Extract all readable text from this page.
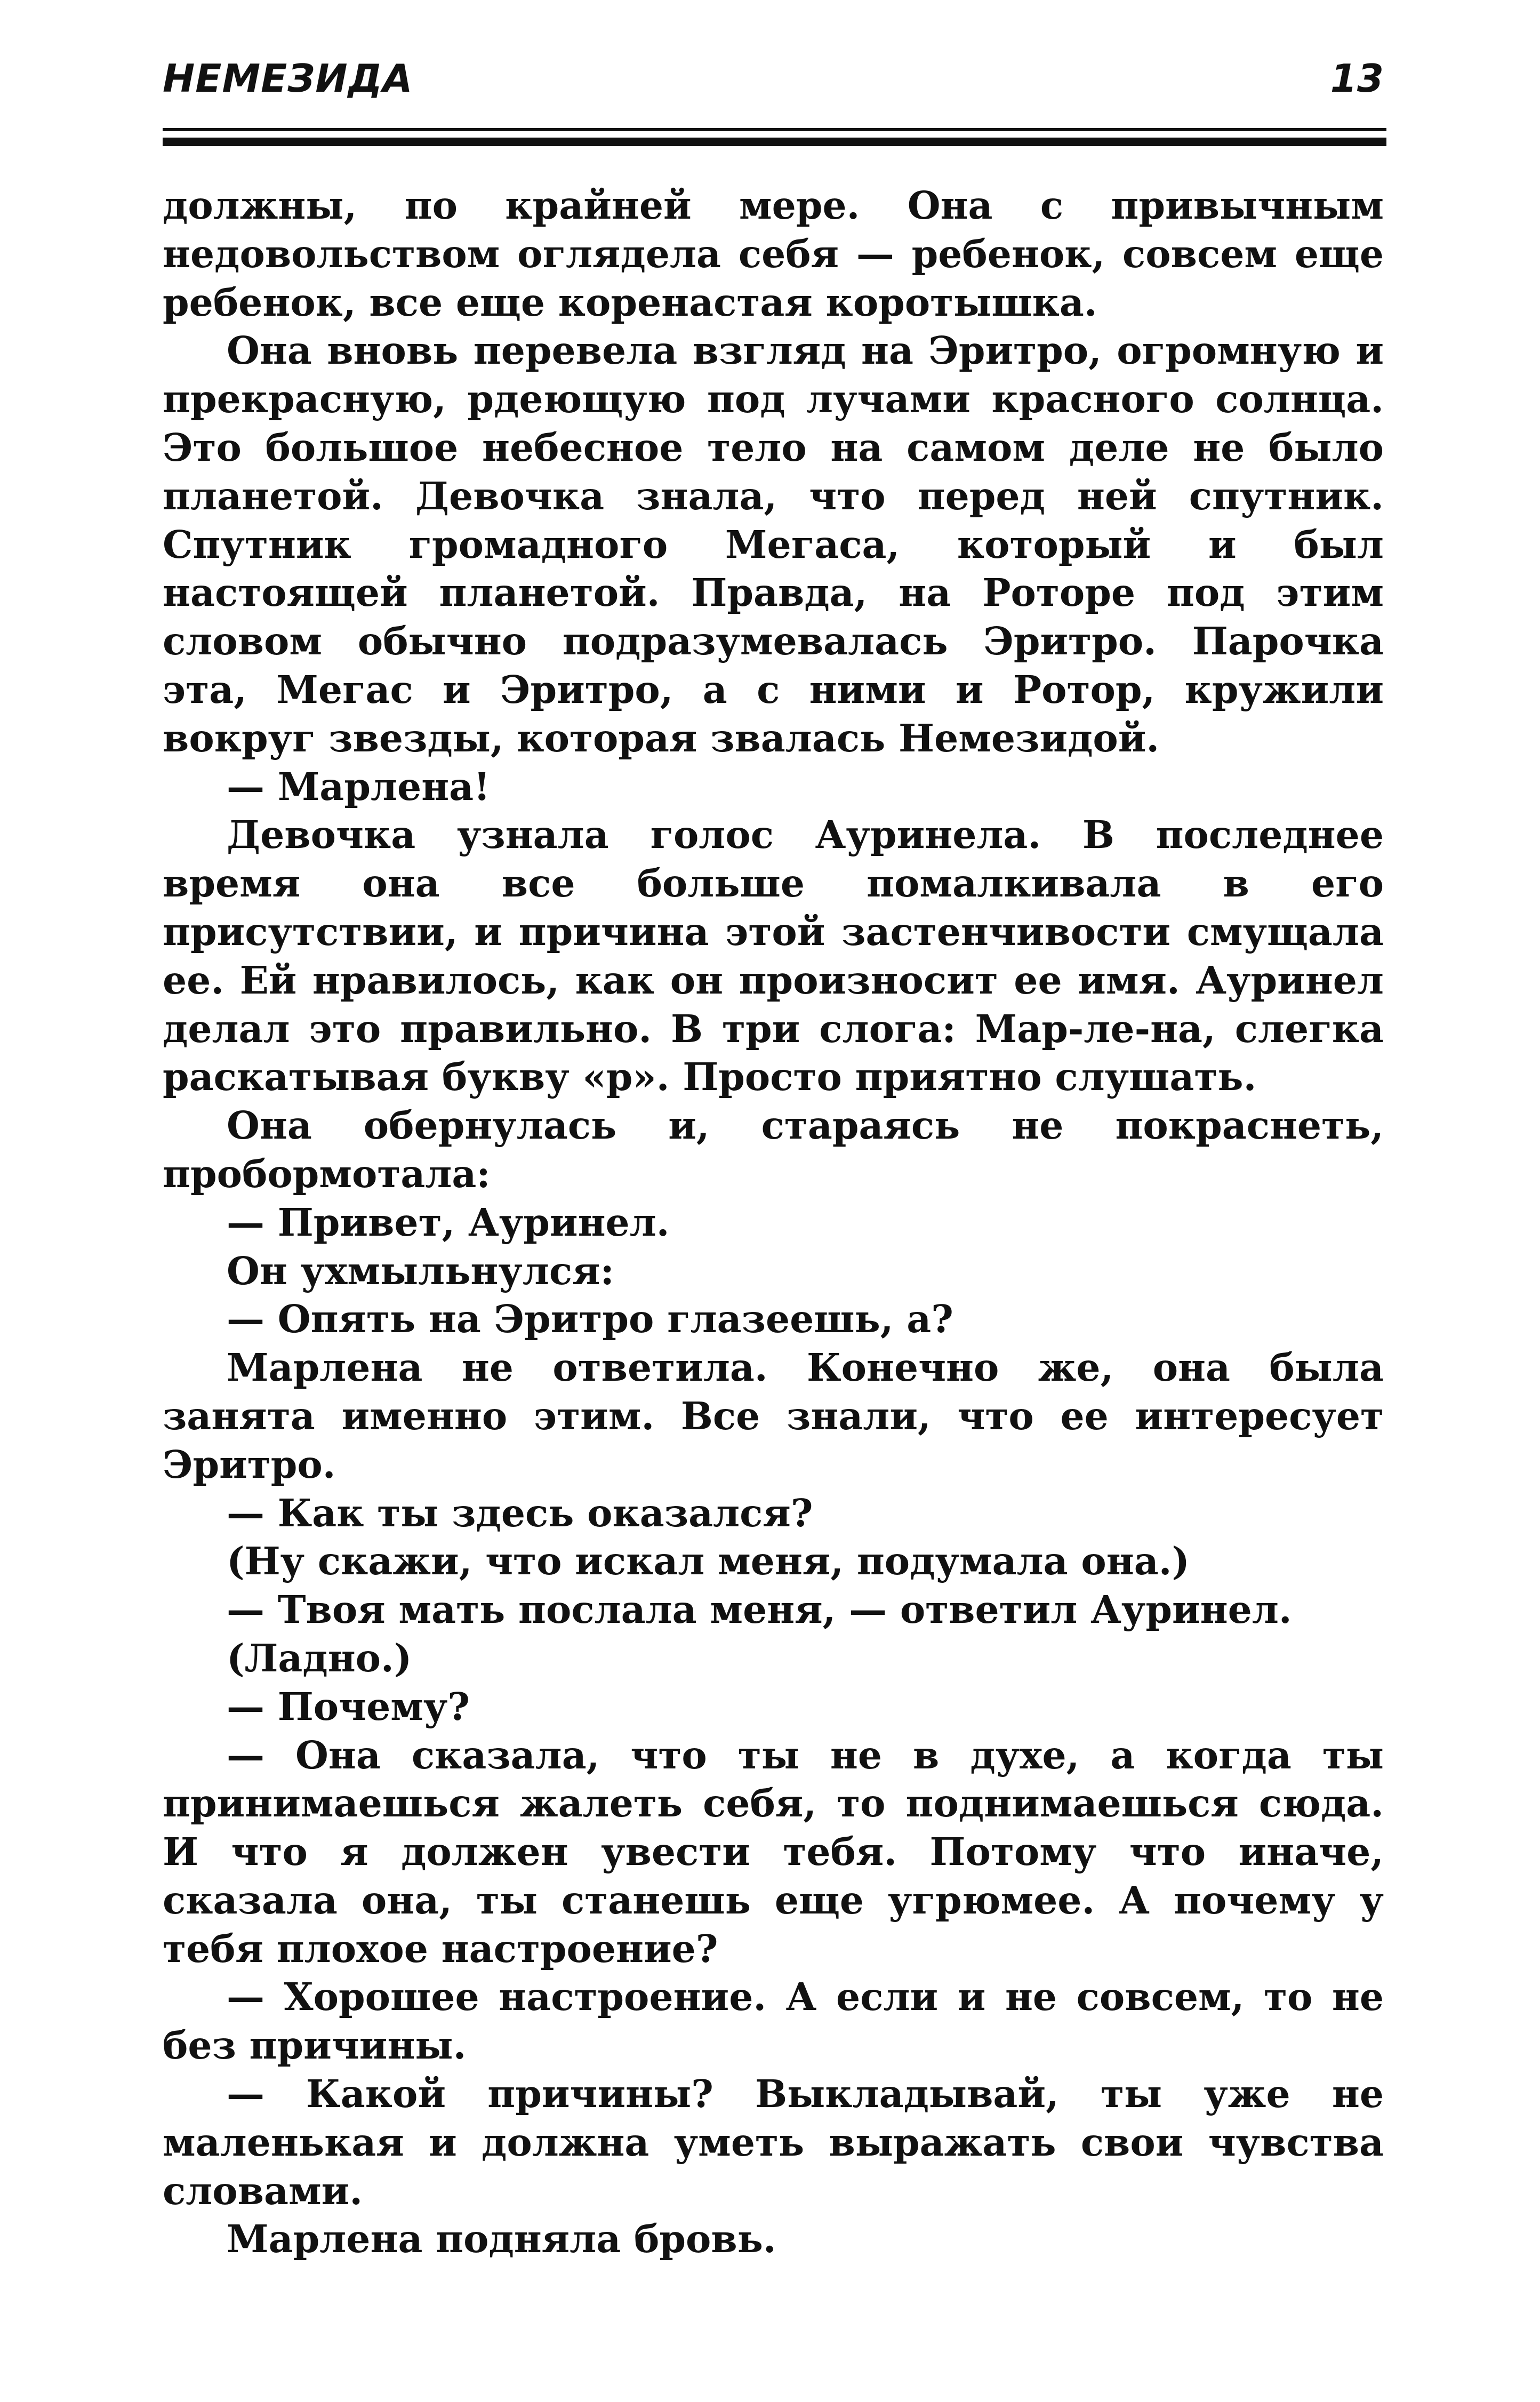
НЕМЕЗИДА	13

должны, по крайней мере. Она с привычным недовольством оглядела себя — ребенок, совсем еще ребенок, все еще коренастая коротышка.

Она вновь перевела взгляд на Эритро, огромную и прекрасную, рдеющую под лучами красного солнца. Это большое небесное тело на самом деле не было планетой. Девочка знала, что перед ней спутник. Спутник громадного Мегаса, который и был настоящей планетой. Правда, на Роторе под этим словом обычно подразумевалась Эритро. Парочка эта, Мегас и Эритро, а с ними и Ротор, кружили вокруг звезды, которая звалась Немезидой.

— Марлена!

Девочка узнала голос Ауринела. В последнее время она все больше помалкивала в его присутствии, и причина этой застенчивости смущала ее. Ей нравилось, как он произносит ее имя. Ауринел делал это правильно. В три слога: Мар-ле-на, слегка раскатывая букву «р». Просто приятно слушать.

Она обернулась и, стараясь не покраснеть, пробормотала:

— Привет, Ауринел.

Он ухмыльнулся:

— Опять на Эритро глазеешь, а?

Марлена не ответила. Конечно же, она была занята именно этим. Все знали, что ее интересует Эритро.

— Как ты здесь оказался?

(Ну скажи, что искал меня, подумала она.)

— Твоя мать послала меня, — ответил Ауринел.

(Ладно.)

— Почему?

— Она сказала, что ты не в духе, а когда ты принимаешься жалеть себя, то поднимаешься сюда. И что я должен увести тебя. Потому что иначе, сказала она, ты станешь еще угрюмее. А почему у тебя плохое настроение?

— Хорошее настроение. А если и не совсем, то не без причины.

— Какой причины? Выкладывай, ты уже не маленькая и должна уметь выражать свои чувства словами.

Марлена подняла бровь.
